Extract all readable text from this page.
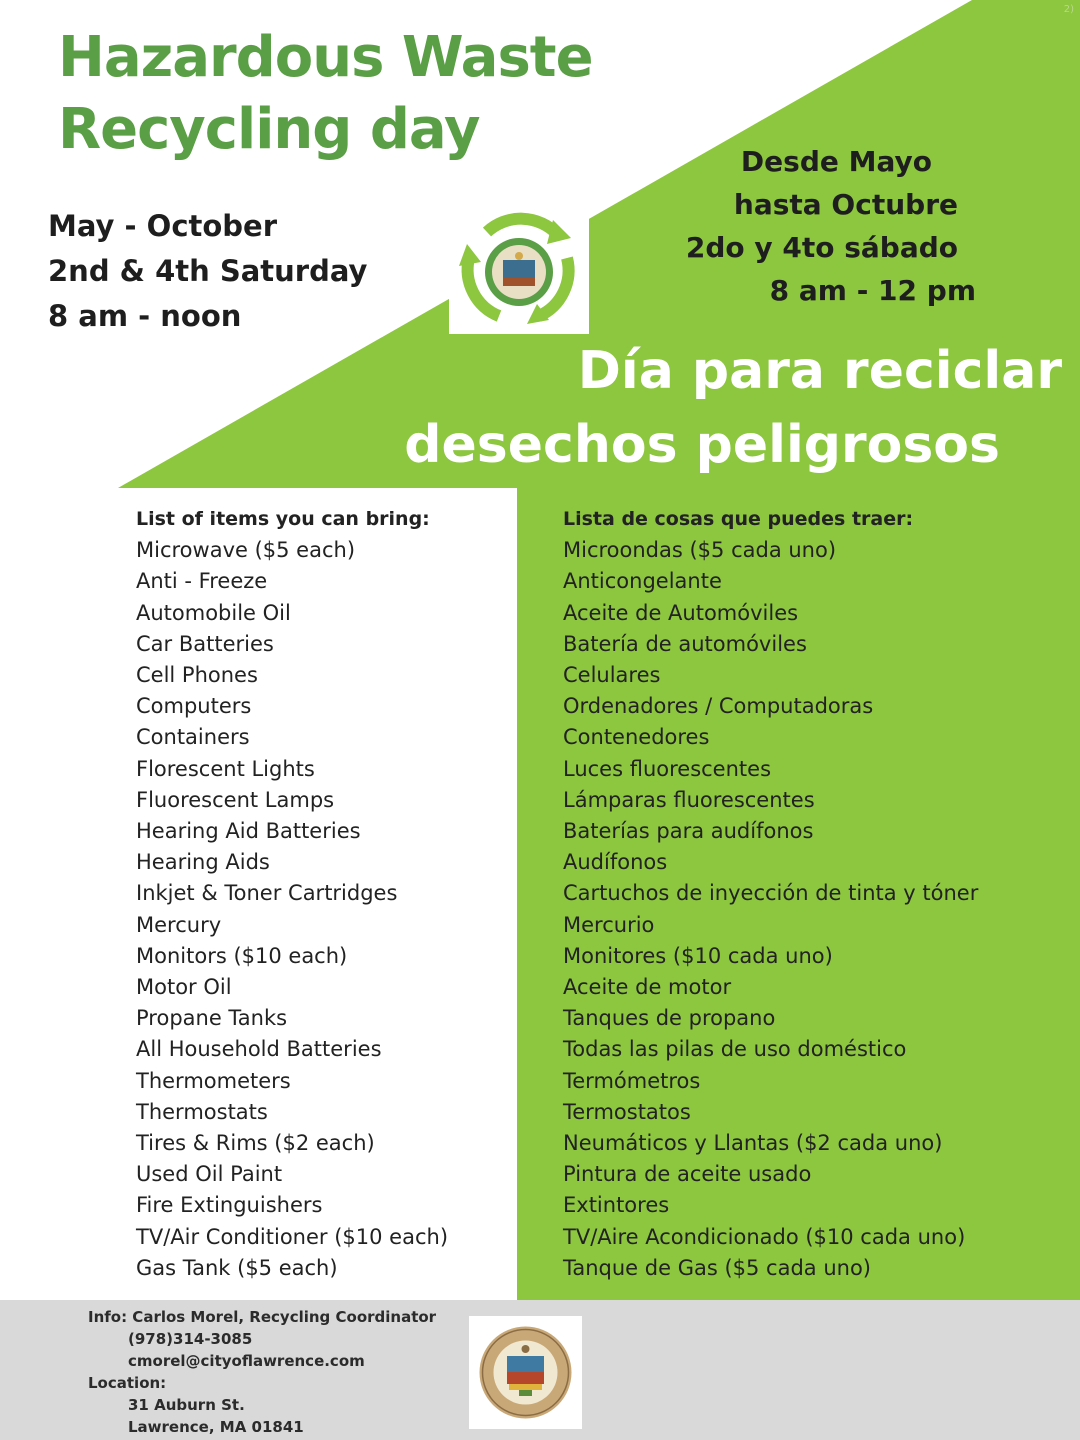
2)
Hazardous Waste
Recycling day
May - October
2nd & 4th Saturday
8 am - noon
Desde Mayo
hasta Octubre
2do y 4to sábado
8 am - 12 pm
Día para reciclar
desechos peligrosos
List of items you can bring:
Microwave ($5 each)
Anti - Freeze
Automobile Oil
Car Batteries
Cell Phones
Computers
Containers
Florescent Lights
Fluorescent Lamps
Hearing Aid Batteries
Hearing Aids
Inkjet & Toner Cartridges
Mercury
Monitors ($10 each)
Motor Oil
Propane Tanks
All Household Batteries
Thermometers
Thermostats
Tires & Rims ($2 each)
Used Oil Paint
Fire Extinguishers
TV/Air Conditioner ($10 each)
Gas Tank ($5 each)
Lista de cosas que puedes traer:
Microondas ($5 cada uno)
Anticongelante
Aceite de Automóviles
Batería de automóviles
Celulares
Ordenadores / Computadoras
Contenedores
Luces fluorescentes
Lámparas fluorescentes
Baterías para audífonos
Audífonos
Cartuchos de inyección de tinta y tóner
Mercurio
Monitores ($10 cada uno)
Aceite de motor
Tanques de propano
Todas las pilas de uso doméstico
Termómetros
Termostatos
Neumáticos y Llantas ($2 cada uno)
Pintura de aceite usado
Extintores
TV/Aire Acondicionado ($10 cada uno)
Tanque de Gas ($5 cada uno)
Info: Carlos Morel, Recycling Coordinator
(978)314-3085
cmorel@cityoflawrence.com
Location:
31 Auburn St.
Lawrence, MA 01841
